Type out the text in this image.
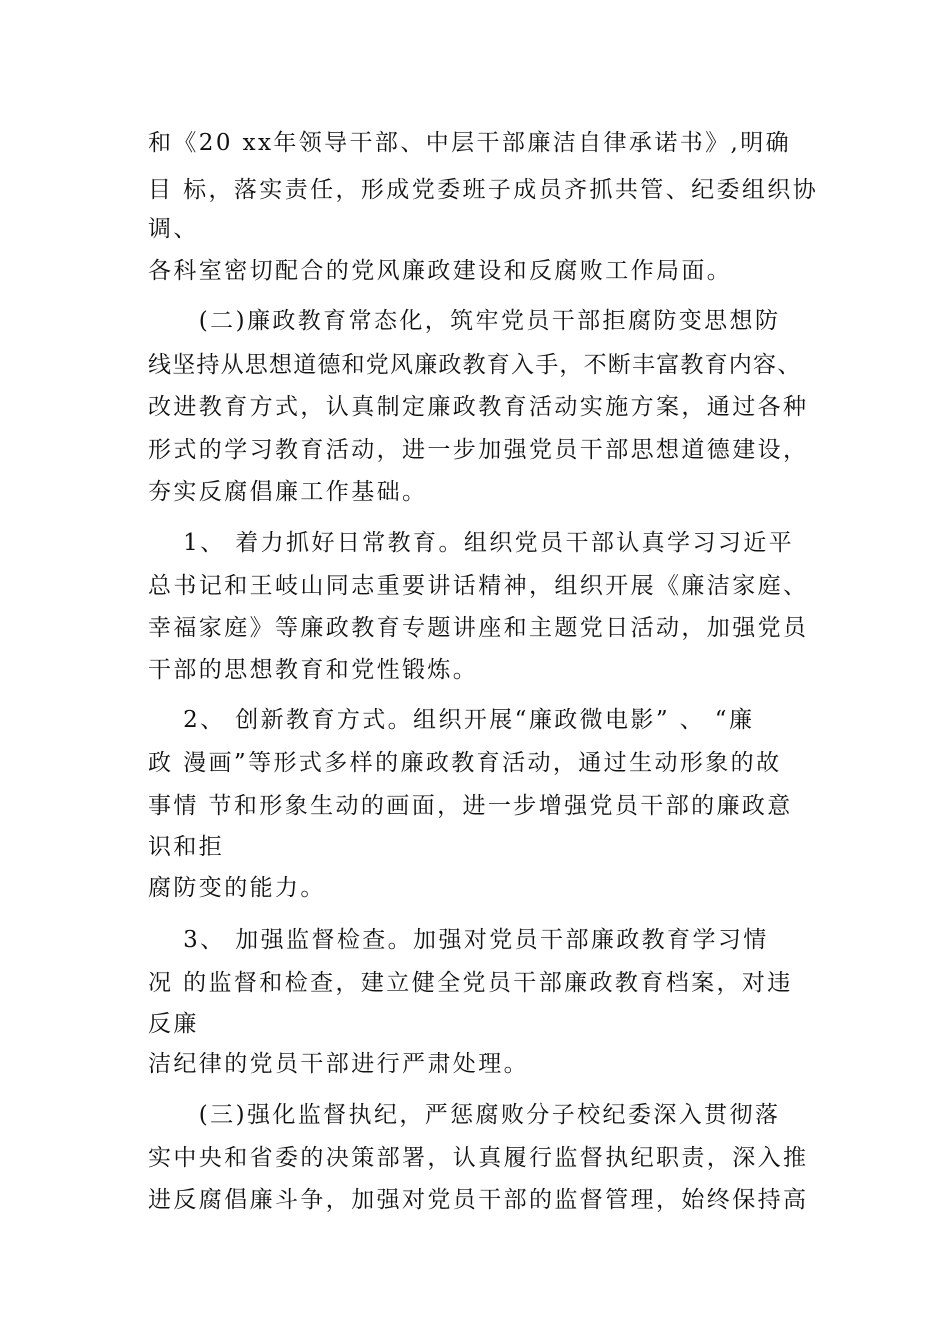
和《20 xx年领导干部、中层干部廉洁自律承诺书》,明确
目 标，落实责任，形成党委班子成员齐抓共管、纪委组织协
调、
各科室密切配合的党风廉政建设和反腐败工作局面。
　　(二)廉政教育常态化，筑牢党员干部拒腐防变思想防
线坚持从思想道德和党风廉政教育入手，不断丰富教育内容、
改进教育方式，认真制定廉政教育活动实施方案，通过各种
形式的学习教育活动，进一步加强党员干部思想道德建设，
夯实反腐倡廉工作基础。
　 1、 着力抓好日常教育。组织党员干部认真学习习近平
总书记和王岐山同志重要讲话精神，组织开展《廉洁家庭、
幸福家庭》等廉政教育专题讲座和主题党日活动，加强党员
干部的思想教育和党性锻炼。
　 2、 创新教育方式。组织开展“廉政微电影” 、 “廉
政 漫画”等形式多样的廉政教育活动，通过生动形象的故
事情 节和形象生动的画面，进一步增强党员干部的廉政意
识和拒
腐防变的能力。
　 3、 加强监督检查。加强对党员干部廉政教育学习情
况 的监督和检查，建立健全党员干部廉政教育档案，对违
反廉
洁纪律的党员干部进行严肃处理。
　　(三)强化监督执纪，严惩腐败分子校纪委深入贯彻落
实中央和省委的决策部署，认真履行监督执纪职责，深入推
进反腐倡廉斗争，加强对党员干部的监督管理，始终保持高
